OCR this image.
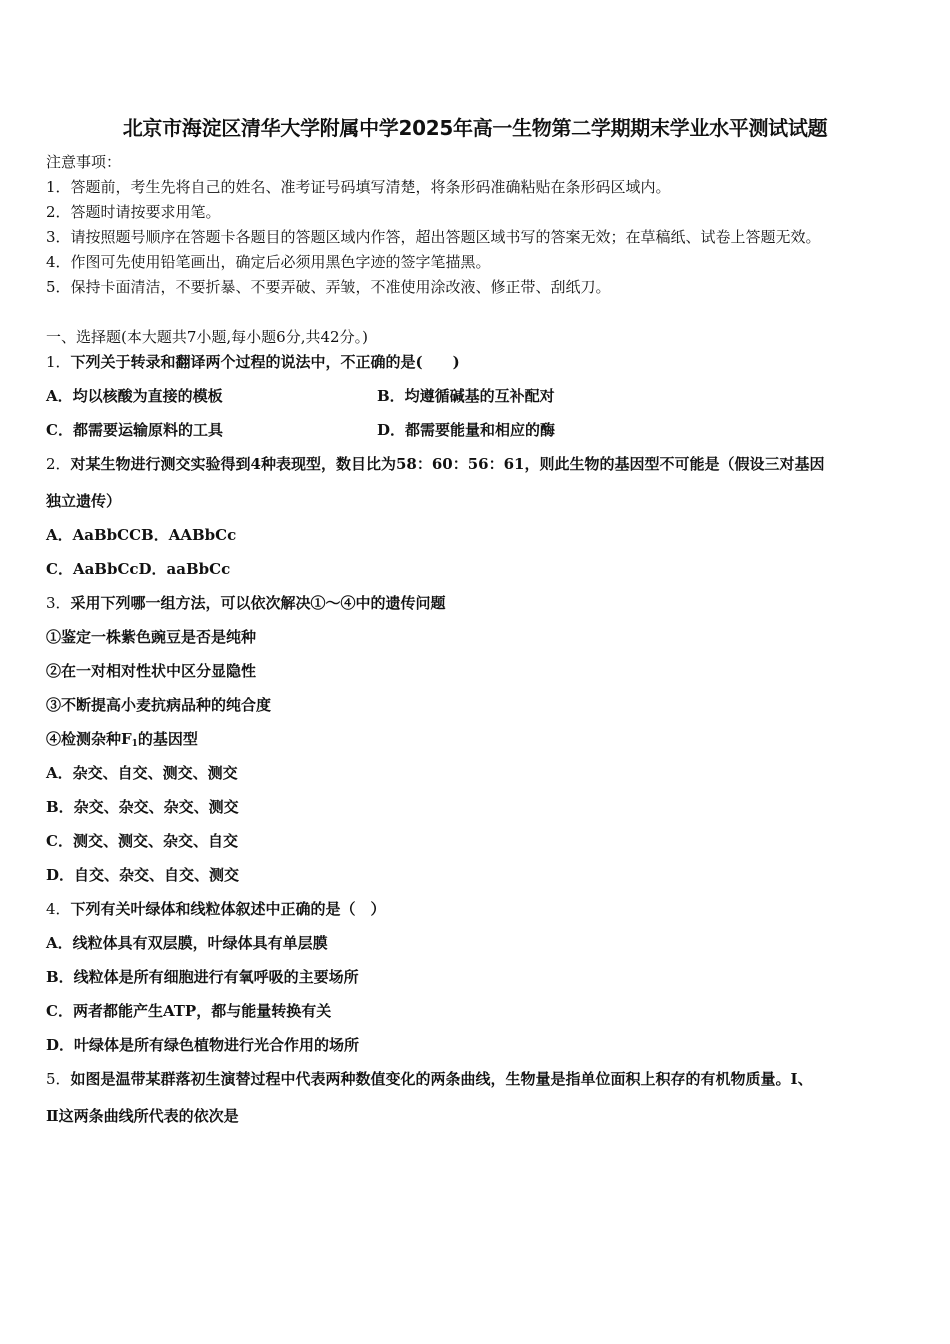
北京市海淀区清华大学附属中学2025年高一生物第二学期期末学业水平测试试题
注意事项：
1．答题前，考生先将自己的姓名、准考证号码填写清楚，将条形码准确粘贴在条形码区域内。
2．答题时请按要求用笔。
3．请按照题号顺序在答题卡各题目的答题区域内作答，超出答题区域书写的答案无效；在草稿纸、试卷上答题无效。
4．作图可先使用铅笔画出，确定后必须用黑色字迹的签字笔描黑。
5．保持卡面清洁，不要折暴、不要弄破、弄皱，不准使用涂改液、修正带、刮纸刀。
一、选择题(本大题共7小题,每小题6分,共42分。)
1．下列关于转录和翻译两个过程的说法中，不正确的是(　　)
A．均以核酸为直接的模板	B．均遵循碱基的互补配对
C．都需要运输原料的工具	D．都需要能量和相应的酶
2．对某生物进行测交实验得到4种表现型，数目比为58：60：56：61，则此生物的基因型不可能是（假设三对基因
独立遗传）
A．AaBbCCB．AABbCc
C．AaBbCcD．aaBbCc
3．采用下列哪一组方法，可以依次解决①～④中的遗传问题
①鉴定一株紫色豌豆是否是纯种
②在一对相对性状中区分显隐性
③不断提高小麦抗病品种的纯合度
④检测杂种$F_1$的基因型
A．杂交、自交、测交、测交
B．杂交、杂交、杂交、测交
C．测交、测交、杂交、自交
D．自交、杂交、自交、测交
4．下列有关叶绿体和线粒体叙述中正确的是（　）
A．线粒体具有双层膜，叶绿体具有单层膜
B．线粒体是所有细胞进行有氧呼吸的主要场所
C．两者都能产生ATP，都与能量转换有关
D．叶绿体是所有绿色植物进行光合作用的场所
5．如图是温带某群落初生演替过程中代表两种数值变化的两条曲线，生物量是指单位面积上积存的有机物质量。Ⅰ、
Ⅱ这两条曲线所代表的依次是
